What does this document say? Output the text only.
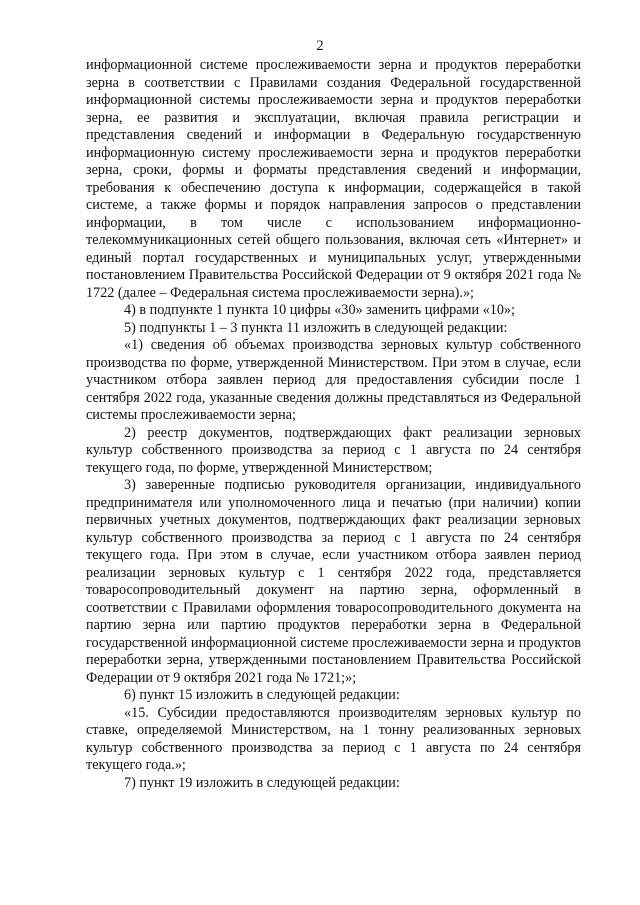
2

информационной системе прослеживаемости зерна и продуктов переработки зерна в соответствии с Правилами создания Федеральной государственной информационной системы прослеживаемости зерна и продуктов переработки зерна, ее развития и эксплуатации, включая правила регистрации и представления сведений и информации в Федеральную государственную информационную систему прослеживаемости зерна и продуктов переработки зерна, сроки, формы и форматы представления сведений и информации, требования к обеспечению доступа к информации, содержащейся в такой системе, а также формы и порядок направления запросов о представлении информации, в том числе с использованием информационно-телекоммуникационных сетей общего пользования, включая сеть «Интернет» и единый портал государственных и муниципальных услуг, утвержденными постановлением Правительства Российской Федерации от 9 октября 2021 года № 1722 (далее – Федеральная система прослеживаемости зерна).»;

4) в подпункте 1 пункта 10 цифры «30» заменить цифрами «10»;

5) подпункты 1 – 3 пункта 11 изложить в следующей редакции:

«1) сведения об объемах производства зерновых культур собственного производства по форме, утвержденной Министерством. При этом в случае, если участником отбора заявлен период для предоставления субсидии после 1 сентября 2022 года, указанные сведения должны представляться из Федеральной системы прослеживаемости зерна;

2) реестр документов, подтверждающих факт реализации зерновых культур собственного производства за период с 1 августа по 24 сентября текущего года, по форме, утвержденной Министерством;

3) заверенные подписью руководителя организации, индивидуального предпринимателя или уполномоченного лица и печатью (при наличии) копии первичных учетных документов, подтверждающих факт реализации зерновых культур собственного производства за период с 1 августа по 24 сентября текущего года. При этом в случае, если участником отбора заявлен период реализации зерновых культур с 1 сентября 2022 года, представляется товаросопроводительный документ на партию зерна, оформленный в соответствии с Правилами оформления товаросопроводительного документа на партию зерна или партию продуктов переработки зерна в Федеральной государственной информационной системе прослеживаемости зерна и продуктов переработки зерна, утвержденными постановлением Правительства Российской Федерации от 9 октября 2021 года № 1721;»;

6) пункт 15 изложить в следующей редакции:

«15. Субсидии предоставляются производителям зерновых культур по ставке, определяемой Министерством, на 1 тонну реализованных зерновых культур собственного производства за период с 1 августа по 24 сентября текущего года.»;

7) пункт 19 изложить в следующей редакции:
